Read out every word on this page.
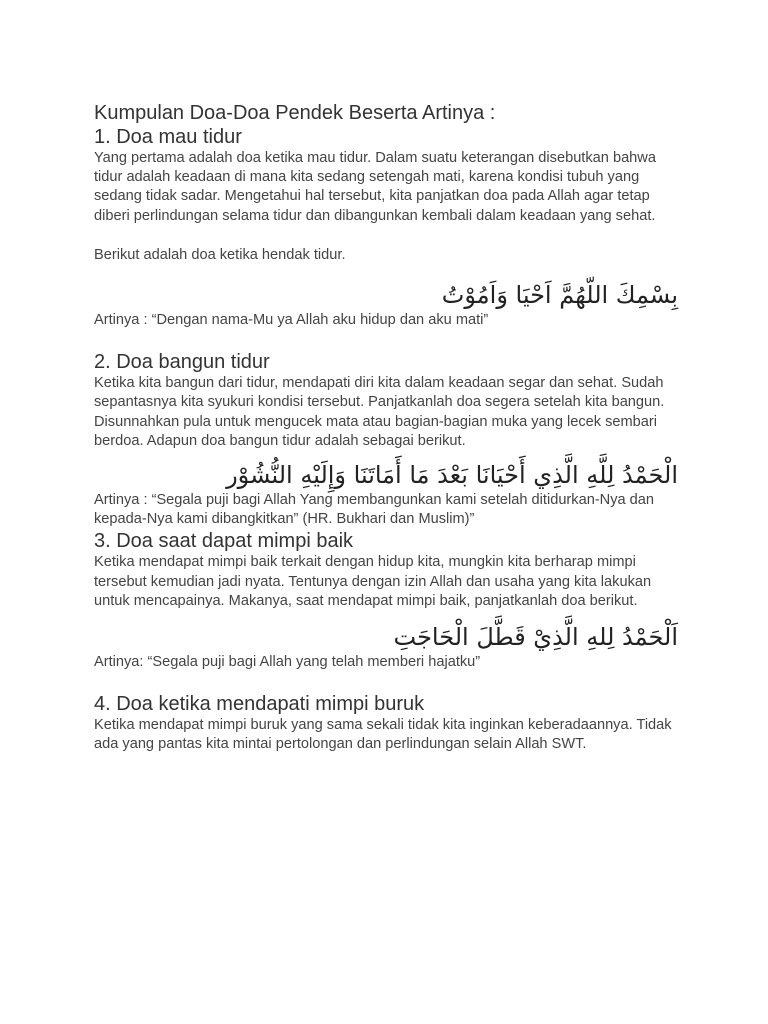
Kumpulan Doa-Doa Pendek Beserta Artinya :
1. Doa mau tidur

Yang pertama adalah doa ketika mau tidur. Dalam suatu keterangan disebutkan bahwa tidur adalah keadaan di mana kita sedang setengah mati, karena kondisi tubuh yang sedang tidak sadar. Mengetahui hal tersebut, kita panjatkan doa pada Allah agar tetap diberi perlindungan selama tidur dan dibangunkan kembali dalam keadaan yang sehat.

Berikut adalah doa ketika hendak tidur.

بِسْمِكَ اللّهُمَّ اَحْيَا وَاَمُوْتُ

Artinya : “Dengan nama-Mu ya Allah aku hidup dan aku mati”

2. Doa bangun tidur

Ketika kita bangun dari tidur, mendapati diri kita dalam keadaan segar dan sehat. Sudah sepantasnya kita syukuri kondisi tersebut. Panjatkanlah doa segera setelah kita bangun. Disunnahkan pula untuk mengucek mata atau bagian-bagian muka yang lecek sembari berdoa. Adapun doa bangun tidur adalah sebagai berikut.

الْحَمْدُ لِلَّهِ الَّذِي أَحْيَانَا بَعْدَ مَا أَمَاتَنَا وَإِلَيْهِ النُّشُوْر

Artinya : “Segala puji bagi Allah Yang membangunkan kami setelah ditidurkan-Nya dan kepada-Nya kami dibangkitkan” (HR. Bukhari dan Muslim)”

3. Doa saat dapat mimpi baik

Ketika mendapat mimpi baik terkait dengan hidup kita, mungkin kita berharap mimpi tersebut kemudian jadi nyata. Tentunya dengan izin Allah dan usaha yang kita lakukan untuk mencapainya. Makanya, saat mendapat mimpi baik, panjatkanlah doa berikut.

اَلْحَمْدُ لِلهِ الَّذِيْ قَطَّلَ الْحَاجَتِ

Artinya: “Segala puji bagi Allah yang telah memberi hajatku”

4. Doa ketika mendapati mimpi buruk

Ketika mendapat mimpi buruk yang sama sekali tidak kita inginkan keberadaannya. Tidak ada yang pantas kita mintai pertolongan dan perlindungan selain Allah SWT.
